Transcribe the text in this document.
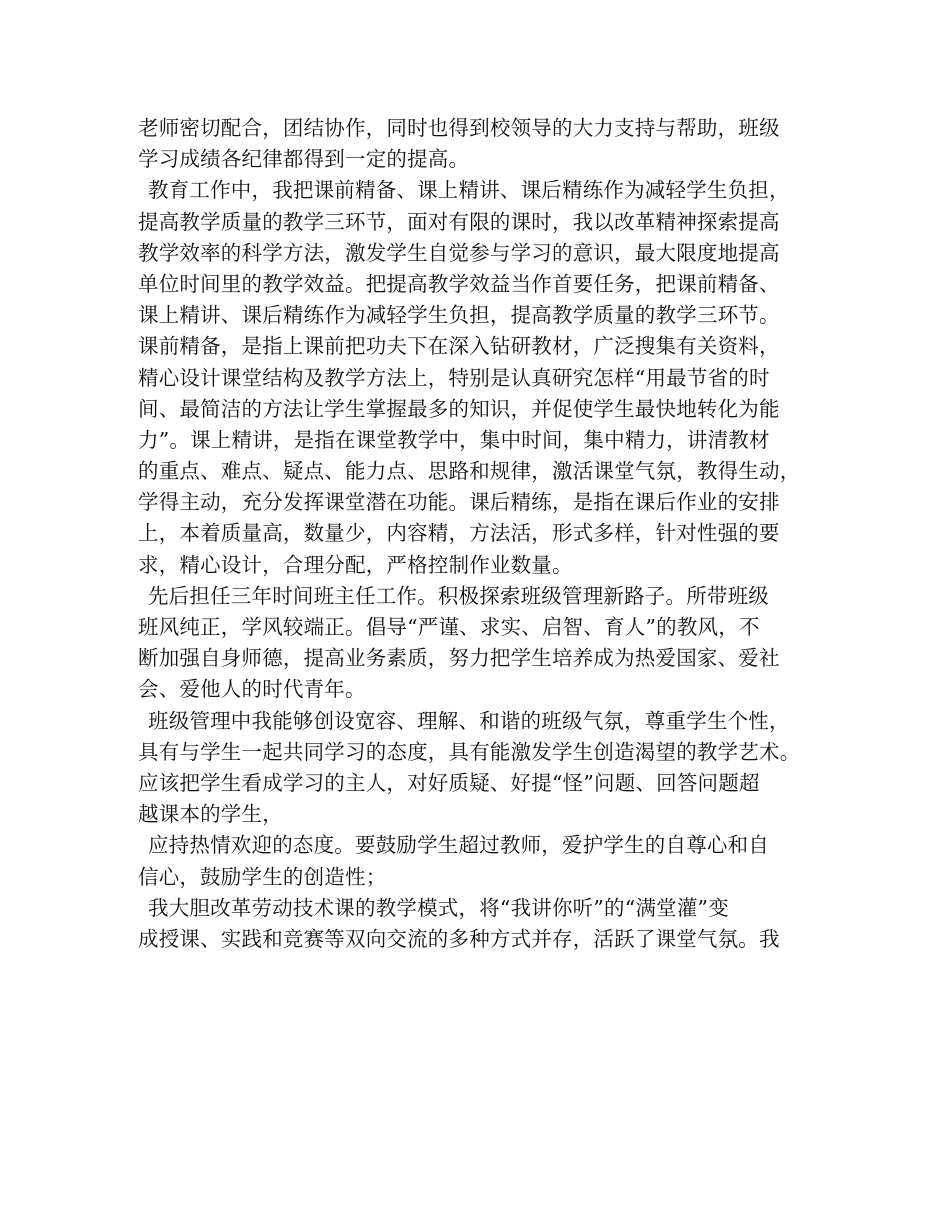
老师密切配合，团结协作，同时也得到校领导的大力支持与帮助，班级
学习成绩各纪律都得到一定的提高。
教育工作中，我把课前精备、课上精讲、课后精练作为减轻学生负担，
提高教学质量的教学三环节，面对有限的课时，我以改革精神探索提高
教学效率的科学方法，激发学生自觉参与学习的意识，最大限度地提高
单位时间里的教学效益。把提高教学效益当作首要任务，把课前精备、
课上精讲、课后精练作为减轻学生负担，提高教学质量的教学三环节。
课前精备，是指上课前把功夫下在深入钻研教材，广泛搜集有关资料，
精心设计课堂结构及教学方法上，特别是认真研究怎样“用最节省的时
间、最简洁的方法让学生掌握最多的知识，并促使学生最快地转化为能
力”。课上精讲，是指在课堂教学中，集中时间，集中精力，讲清教材
的重点、难点、疑点、能力点、思路和规律，激活课堂气氛，教得生动，
学得主动，充分发挥课堂潜在功能。课后精练，是指在课后作业的安排
上，本着质量高，数量少，内容精，方法活，形式多样，针对性强的要
求，精心设计，合理分配，严格控制作业数量。
先后担任三年时间班主任工作。积极探索班级管理新路子。所带班级
班风纯正，学风较端正。倡导“严谨、求实、启智、育人”的教风，不
断加强自身师德，提高业务素质，努力把学生培养成为热爱国家、爱社
会、爱他人的时代青年。
班级管理中我能够创设宽容、理解、和谐的班级气氛，尊重学生个性，
具有与学生一起共同学习的态度，具有能激发学生创造渴望的教学艺术。
应该把学生看成学习的主人，对好质疑、好提“怪”问题、回答问题超
越课本的学生，
应持热情欢迎的态度。要鼓励学生超过教师，爱护学生的自尊心和自
信心，鼓励学生的创造性；
我大胆改革劳动技术课的教学模式，将“我讲你听”的“满堂灌”变
成授课、实践和竞赛等双向交流的多种方式并存，活跃了课堂气氛。我
